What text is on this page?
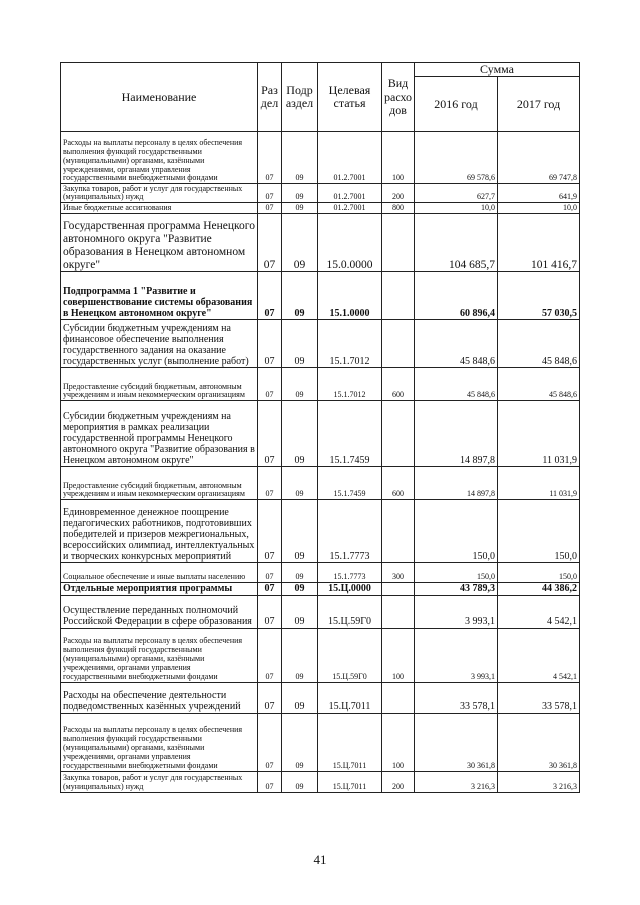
Наименование	Раз дел	Подр аздел	Целевая статья	Вид расхо дов	Сумма	
					2016 год	2017 год
Расходы на выплаты персоналу в целях обеспечения выполнения функций государственными (муниципальными) органами, казёнными учреждениями, органами управления государственными внебюджетными фондами	07	09	01.2.7001	100	69 578,6	69 747,8
Закупка товаров, работ и услуг для государственных (муниципальных) нужд	07	09	01.2.7001	200	627,7	641,9
Иные бюджетные ассигнования	07	09	01.2.7001	800	10,0	10,0
Государственная программа Ненецкого автономного округа "Развитие образования в Ненецком автономном округе"	07	09	15.0.0000		104 685,7	101 416,7
Подпрограмма 1 "Развитие и совершенствование системы образования в Ненецком автономном округе"	07	09	15.1.0000		60 896,4	57 030,5
Субсидии бюджетным учреждениям на финансовое обеспечение выполнения государственного задания на оказание государственных услуг (выполнение работ)	07	09	15.1.7012		45 848,6	45 848,6
Предоставление субсидий бюджетным, автономным учреждениям и иным некоммерческим организациям	07	09	15.1.7012	600	45 848,6	45 848,6
Субсидии бюджетным учреждениям на мероприятия в рамках реализации государственной программы Ненецкого автономного округа "Развитие образования в Ненецком автономном округе"	07	09	15.1.7459		14 897,8	11 031,9
Предоставление субсидий бюджетным, автономным учреждениям и иным некоммерческим организациям	07	09	15.1.7459	600	14 897,8	11 031,9
Единовременное денежное поощрение педагогических работников, подготовивших победителей и призеров межрегиональных, всероссийских олимпиад, интеллектуальных и творческих конкурсных мероприятий	07	09	15.1.7773		150,0	150,0
Социальное обеспечение и иные выплаты населению	07	09	15.1.7773	300	150,0	150,0
Отдельные мероприятия программы	07	09	15.Ц.0000		43 789,3	44 386,2
Осуществление переданных полномочий Российской Федерации в сфере образования	07	09	15.Ц.59Г0		3 993,1	4 542,1
Расходы на выплаты персоналу в целях обеспечения выполнения функций государственными (муниципальными) органами, казёнными учреждениями, органами управления государственными внебюджетными фондами	07	09	15.Ц.59Г0	100	3 993,1	4 542,1
Расходы на обеспечение деятельности подведомственных казённых учреждений	07	09	15.Ц.7011		33 578,1	33 578,1
Расходы на выплаты персоналу в целях обеспечения выполнения функций государственными (муниципальными) органами, казёнными учреждениями, органами управления государственными внебюджетными фондами	07	09	15.Ц.7011	100	30 361,8	30 361,8
Закупка товаров, работ и услуг для государственных (муниципальных) нужд	07	09	15.Ц.7011	200	3 216,3	3 216,3
41
